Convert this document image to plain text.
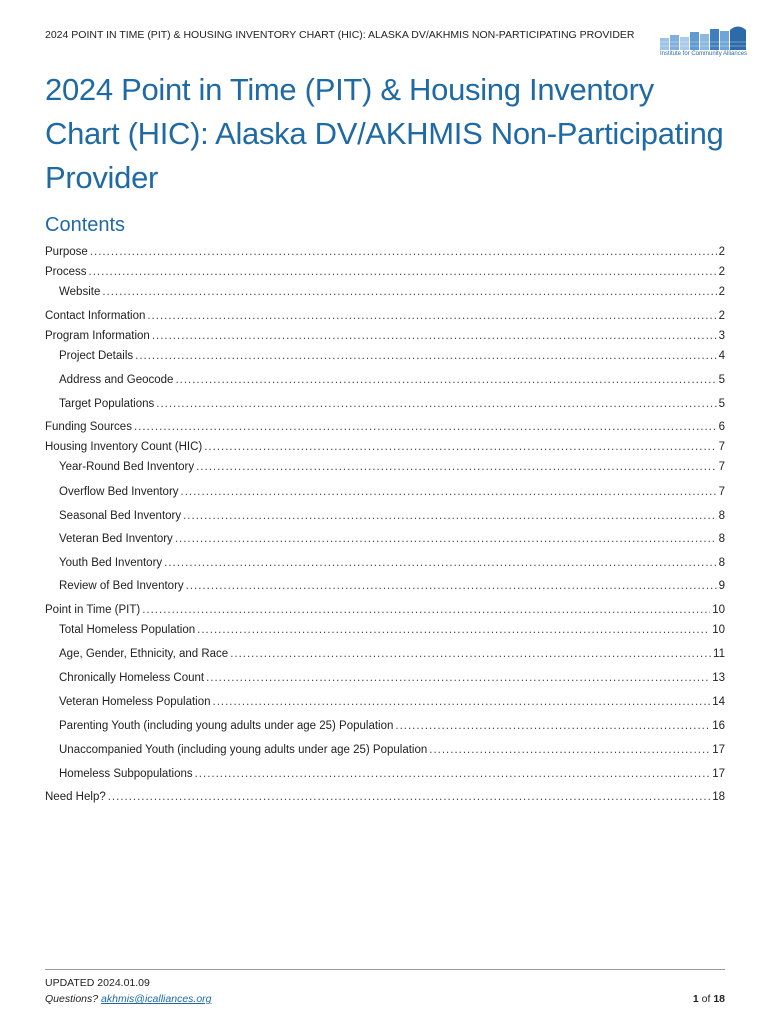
2024 POINT IN TIME (PIT) & HOUSING INVENTORY CHART (HIC): ALASKA DV/AKHMIS NON-PARTICIPATING PROVIDER
Institute for Community Alliances
2024 Point in Time (PIT) & Housing Inventory Chart (HIC): Alaska DV/AKHMIS Non-Participating Provider
Contents
Purpose .....	2
Process .....	2
Website .....	2
Contact Information .....	2
Program Information .....	3
Project Details .....	4
Address and Geocode .....	5
Target Populations .....	5
Funding Sources .....	6
Housing Inventory Count (HIC) .....	7
Year-Round Bed Inventory .....	7
Overflow Bed Inventory .....	7
Seasonal Bed Inventory .....	8
Veteran Bed Inventory .....	8
Youth Bed Inventory .....	8
Review of Bed Inventory .....	9
Point in Time (PIT) .....	10
Total Homeless Population .....	10
Age, Gender, Ethnicity, and Race .....	11
Chronically Homeless Count .....	13
Veteran Homeless Population .....	14
Parenting Youth (including young adults under age 25) Population .....	16
Unaccompanied Youth (including young adults under age 25) Population .....	17
Homeless Subpopulations .....	17
Need Help? .....	18
UPDATED 2024.01.09
Questions? akhmis@icalliances.org	1 of 18
